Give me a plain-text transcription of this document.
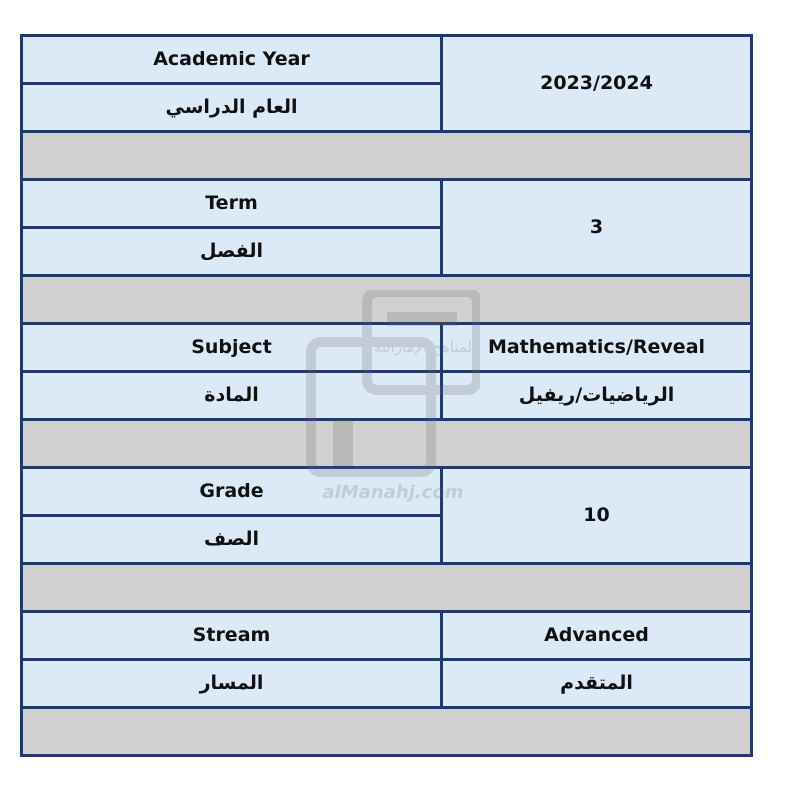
Academic Year	2023/2024
العام الدراسي	

Term	3
الفصل	

Subject	Mathematics/Reveal
المادة	الرياضيات/ريفيل

Grade	10
الصف	

Stream	Advanced
المسار	المتقدم

المناهج الإماراتية
alManahj.com
